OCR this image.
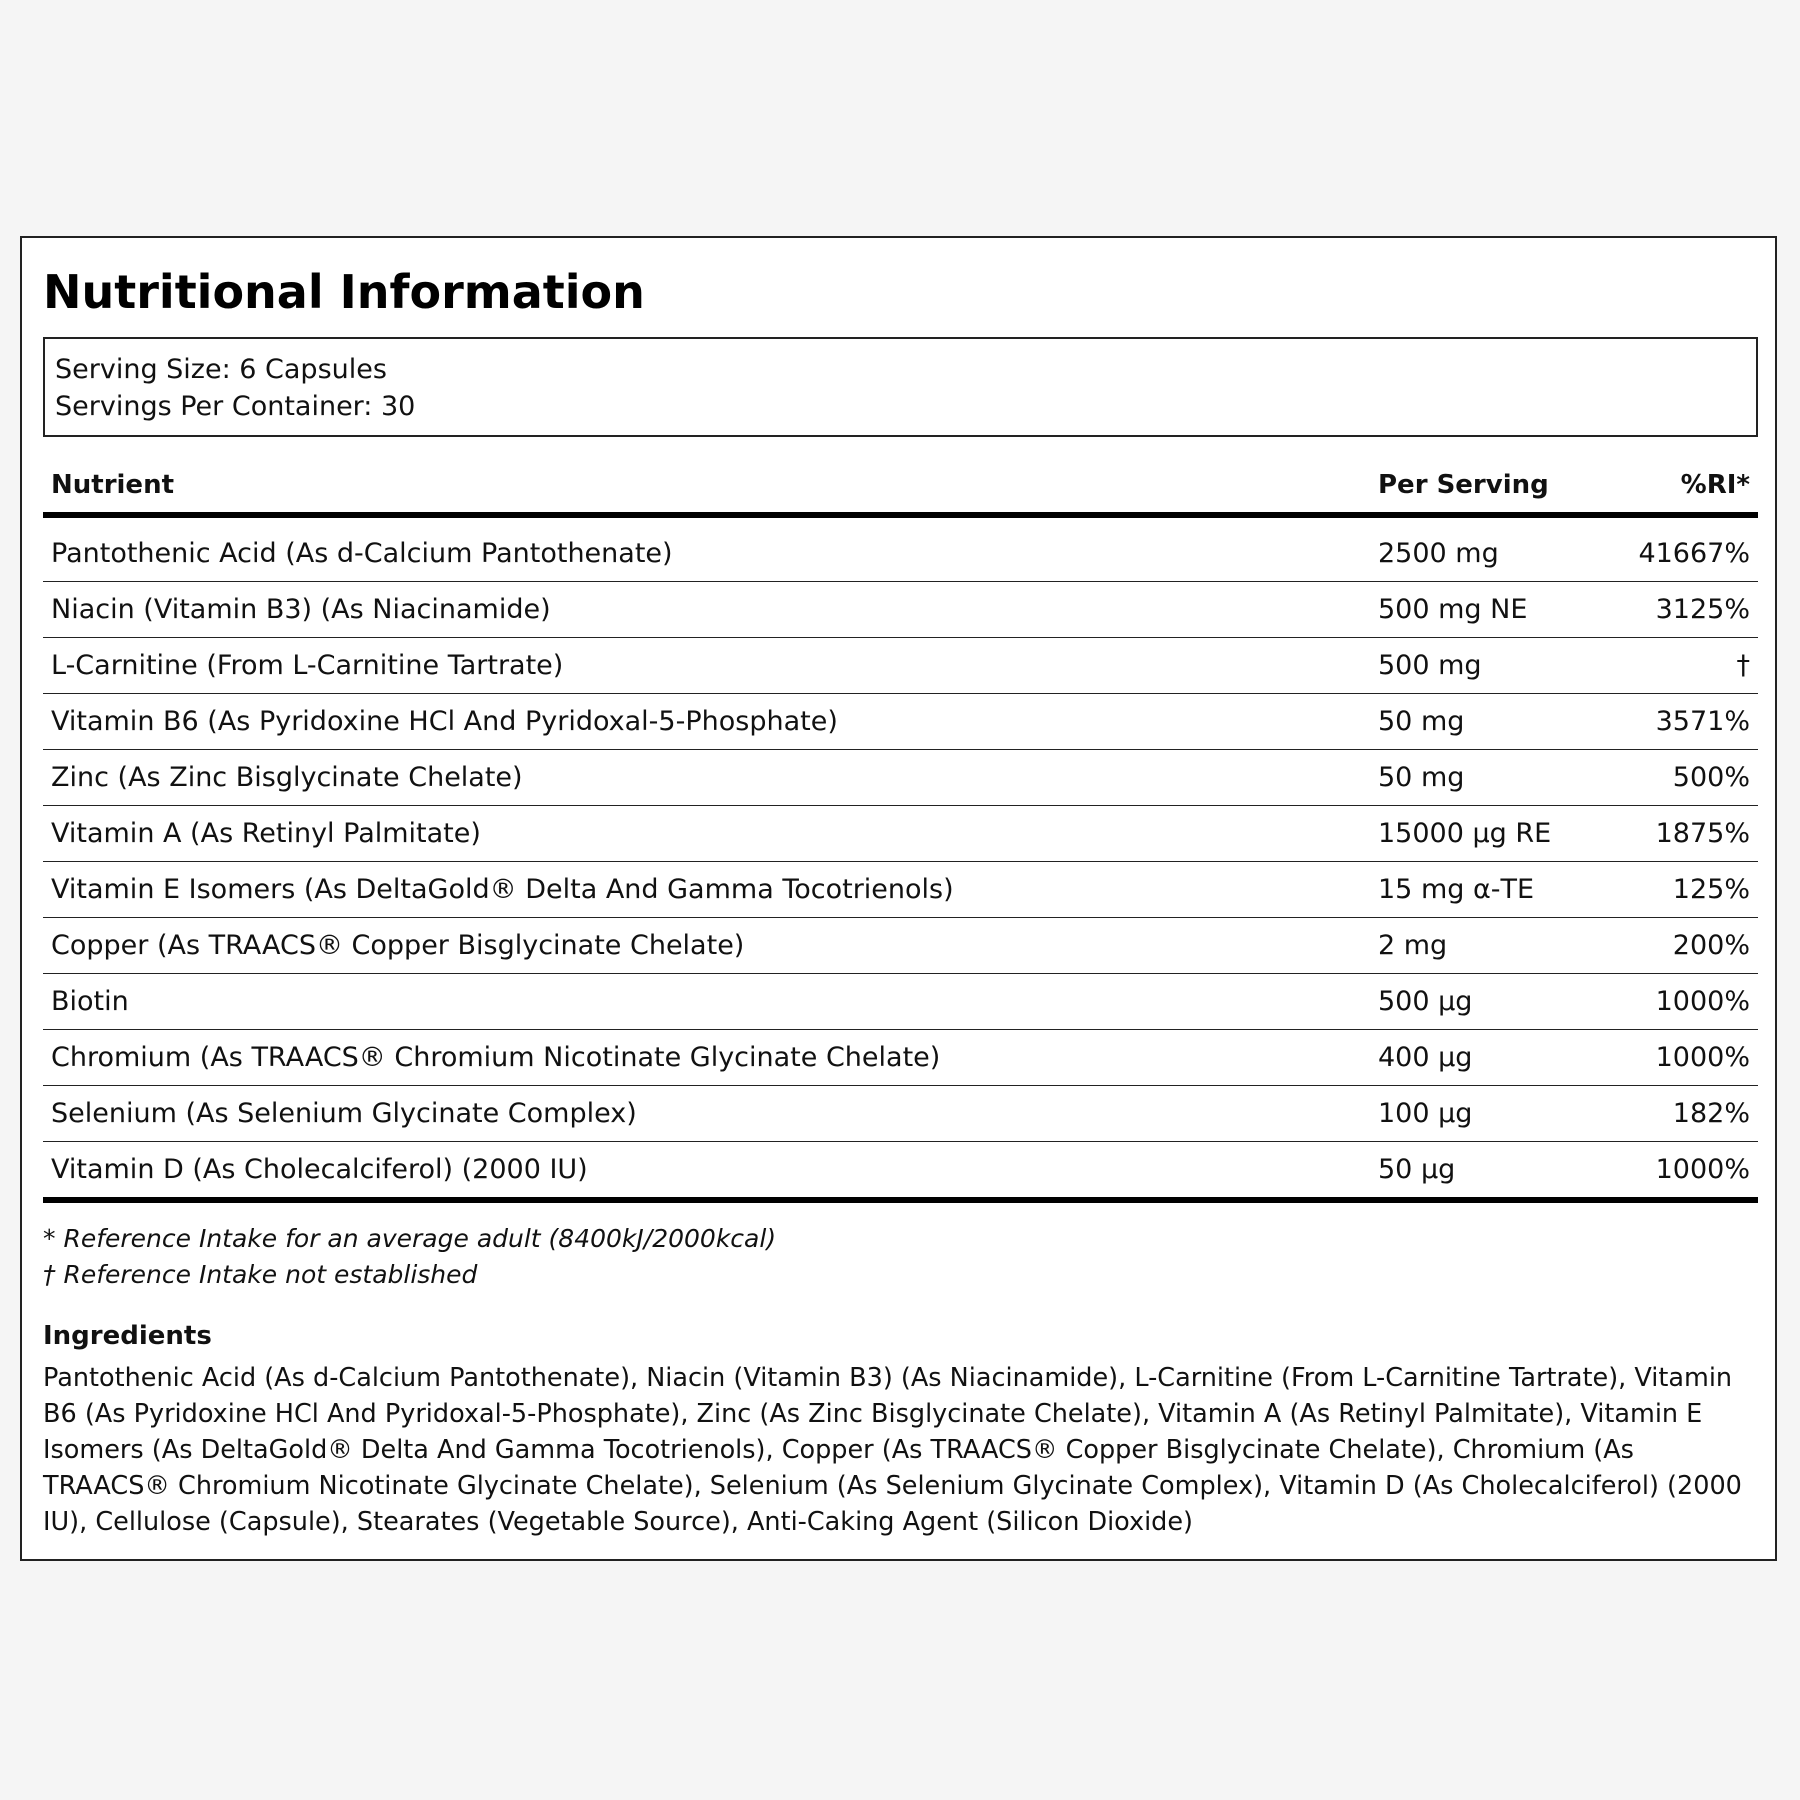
Nutritional Information
Serving Size: 6 Capsules
Servings Per Container: 30
Nutrient	Per Serving	%RI*

Pantothenic Acid (As d-Calcium Pantothenate)	2500 mg	41667%
Niacin (Vitamin B3) (As Niacinamide)	500 mg NE	3125%
L-Carnitine (From L-Carnitine Tartrate)	500 mg	†
Vitamin B6 (As Pyridoxine HCl And Pyridoxal-5-Phosphate)	50 mg	3571%
Zinc (As Zinc Bisglycinate Chelate)	50 mg	500%
Vitamin A (As Retinyl Palmitate)	15000 µg RE	1875%
Vitamin E Isomers (As DeltaGold® Delta And Gamma Tocotrienols)	15 mg α-TE	125%
Copper (As TRAACS® Copper Bisglycinate Chelate)	2 mg	200%
Biotin	500 µg	1000%
Chromium (As TRAACS® Chromium Nicotinate Glycinate Chelate)	400 µg	1000%
Selenium (As Selenium Glycinate Complex)	100 µg	182%
Vitamin D (As Cholecalciferol) (2000 IU)	50 µg	1000%
* Reference Intake for an average adult (8400kJ/2000kcal)
† Reference Intake not established
Ingredients
Pantothenic Acid (As d-Calcium Pantothenate), Niacin (Vitamin B3) (As Niacinamide), L-Carnitine (From L-Carnitine Tartrate), Vitamin B6 (As Pyridoxine HCl And Pyridoxal-5-Phosphate), Zinc (As Zinc Bisglycinate Chelate), Vitamin A (As Retinyl Palmitate), Vitamin E Isomers (As DeltaGold® Delta And Gamma Tocotrienols), Copper (As TRAACS® Copper Bisglycinate Chelate), Chromium (As TRAACS® Chromium Nicotinate Glycinate Chelate), Selenium (As Selenium Glycinate Complex), Vitamin D (As Cholecalciferol) (2000 IU), Cellulose (Capsule), Stearates (Vegetable Source), Anti-Caking Agent (Silicon Dioxide)
